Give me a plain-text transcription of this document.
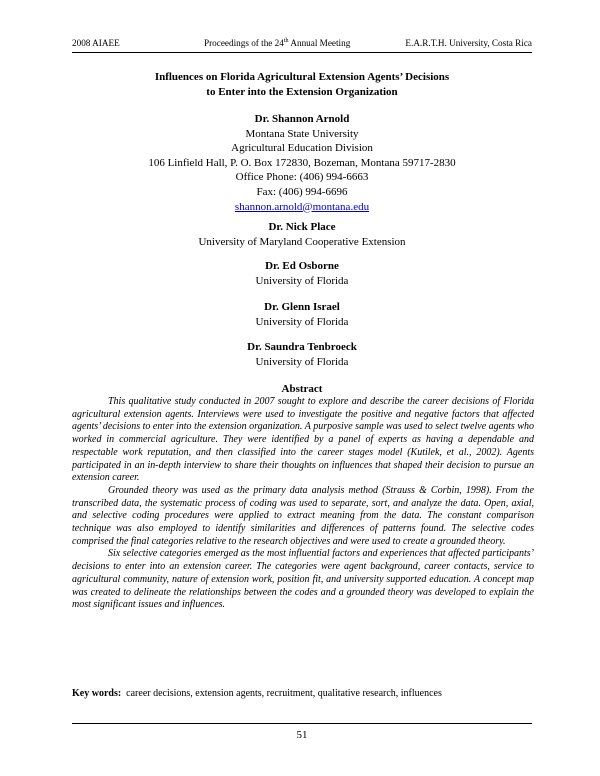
2008 AIAEE	Proceedings of the 24th Annual Meeting	E.A.R.T.H. University, Costa Rica
Influences on Florida Agricultural Extension Agents’ Decisions
to Enter into the Extension Organization
Dr. Shannon Arnold
Montana State University
Agricultural Education Division
106 Linfield Hall, P. O. Box 172830, Bozeman, Montana 59717-2830
Office Phone: (406) 994-6663
Fax: (406) 994-6696
shannon.arnold@montana.edu
Dr. Nick Place
University of Maryland Cooperative Extension
Dr. Ed Osborne
University of Florida
Dr. Glenn Israel
University of Florida
Dr. Saundra Tenbroeck
University of Florida
Abstract

This qualitative study conducted in 2007 sought to explore and describe the career decisions of Florida agricultural extension agents. Interviews were used to investigate the positive and negative factors that affected agents’ decisions to enter into the extension organization. A purposive sample was used to select twelve agents who worked in commercial agriculture. They were identified by a panel of experts as having a dependable and respectable work reputation, and then classified into the career stages model (Kutilek, et al., 2002). Agents participated in an in-depth interview to share their thoughts on influences that shaped their decision to pursue an extension career.

Grounded theory was used as the primary data analysis method (Strauss & Corbin, 1998). From the transcribed data, the systematic process of coding was used to separate, sort, and analyze the data. Open, axial, and selective coding procedures were applied to extract meaning from the data. The constant comparison technique was also employed to identify similarities and differences of patterns found. The selective codes comprised the final categories relative to the research objectives and were used to create a grounded theory.

Six selective categories emerged as the most influential factors and experiences that affected participants’ decisions to enter into an extension career. The categories were agent background, career contacts, service to agricultural community, nature of extension work, position fit, and university supported education. A concept map was created to delineate the relationships between the codes and a grounded theory was developed to explain the most significant issues and influences.

Key words: career decisions, extension agents, recruitment, qualitative research, influences
51
